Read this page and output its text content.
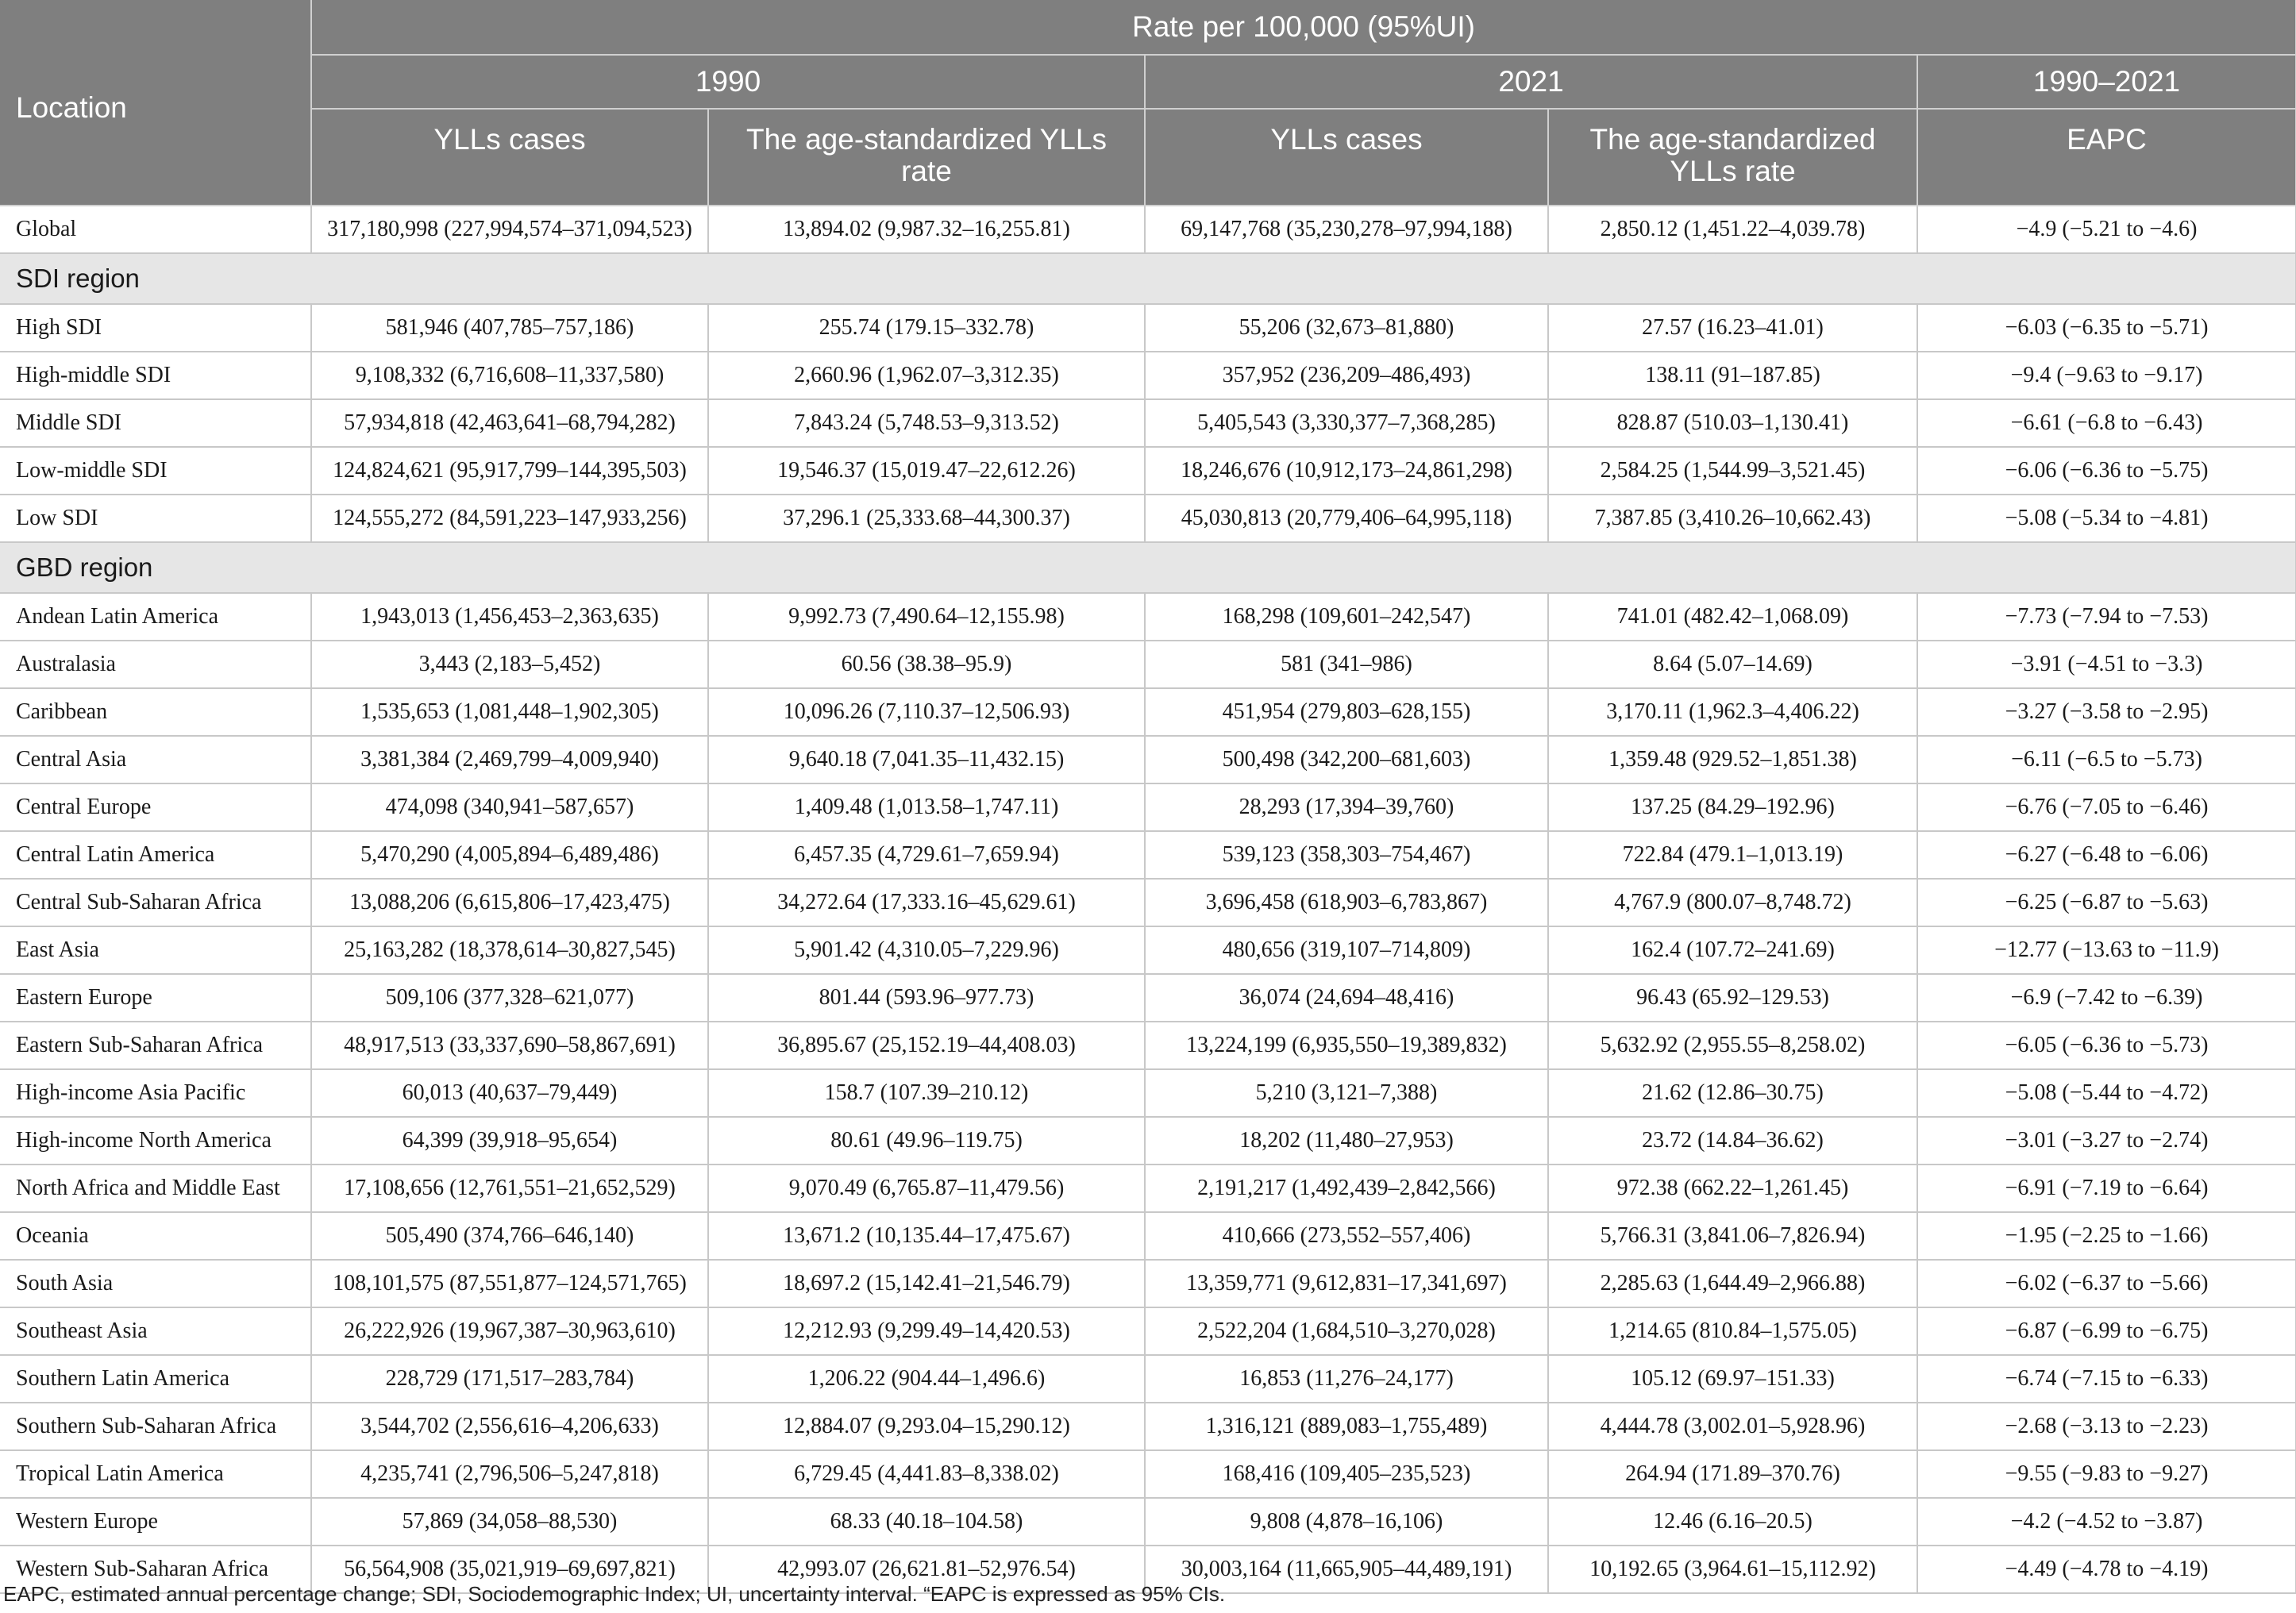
Location	Rate per 100,000 (95%UI)				
	1990		2021		1990–2021
	YLLs cases	The age-standardized YLLs rate	YLLs cases	The age-standardized YLLs rate	EAPC
Global	317,180,998 (227,994,574–371,094,523)	13,894.02 (9,987.32–16,255.81)	69,147,768 (35,230,278–97,994,188)	2,850.12 (1,451.22–4,039.78)	−4.9 (−5.21 to −4.6)
SDI region					
High SDI	581,946 (407,785–757,186)	255.74 (179.15–332.78)	55,206 (32,673–81,880)	27.57 (16.23–41.01)	−6.03 (−6.35 to −5.71)
High-middle SDI	9,108,332 (6,716,608–11,337,580)	2,660.96 (1,962.07–3,312.35)	357,952 (236,209–486,493)	138.11 (91–187.85)	−9.4 (−9.63 to −9.17)
Middle SDI	57,934,818 (42,463,641–68,794,282)	7,843.24 (5,748.53–9,313.52)	5,405,543 (3,330,377–7,368,285)	828.87 (510.03–1,130.41)	−6.61 (−6.8 to −6.43)
Low-middle SDI	124,824,621 (95,917,799–144,395,503)	19,546.37 (15,019.47–22,612.26)	18,246,676 (10,912,173–24,861,298)	2,584.25 (1,544.99–3,521.45)	−6.06 (−6.36 to −5.75)
Low SDI	124,555,272 (84,591,223–147,933,256)	37,296.1 (25,333.68–44,300.37)	45,030,813 (20,779,406–64,995,118)	7,387.85 (3,410.26–10,662.43)	−5.08 (−5.34 to −4.81)
GBD region					
Andean Latin America	1,943,013 (1,456,453–2,363,635)	9,992.73 (7,490.64–12,155.98)	168,298 (109,601–242,547)	741.01 (482.42–1,068.09)	−7.73 (−7.94 to −7.53)
Australasia	3,443 (2,183–5,452)	60.56 (38.38–95.9)	581 (341–986)	8.64 (5.07–14.69)	−3.91 (−4.51 to −3.3)
Caribbean	1,535,653 (1,081,448–1,902,305)	10,096.26 (7,110.37–12,506.93)	451,954 (279,803–628,155)	3,170.11 (1,962.3–4,406.22)	−3.27 (−3.58 to −2.95)
Central Asia	3,381,384 (2,469,799–4,009,940)	9,640.18 (7,041.35–11,432.15)	500,498 (342,200–681,603)	1,359.48 (929.52–1,851.38)	−6.11 (−6.5 to −5.73)
Central Europe	474,098 (340,941–587,657)	1,409.48 (1,013.58–1,747.11)	28,293 (17,394–39,760)	137.25 (84.29–192.96)	−6.76 (−7.05 to −6.46)
Central Latin America	5,470,290 (4,005,894–6,489,486)	6,457.35 (4,729.61–7,659.94)	539,123 (358,303–754,467)	722.84 (479.1–1,013.19)	−6.27 (−6.48 to −6.06)
Central Sub-Saharan Africa	13,088,206 (6,615,806–17,423,475)	34,272.64 (17,333.16–45,629.61)	3,696,458 (618,903–6,783,867)	4,767.9 (800.07–8,748.72)	−6.25 (−6.87 to −5.63)
East Asia	25,163,282 (18,378,614–30,827,545)	5,901.42 (4,310.05–7,229.96)	480,656 (319,107–714,809)	162.4 (107.72–241.69)	−12.77 (−13.63 to −11.9)
Eastern Europe	509,106 (377,328–621,077)	801.44 (593.96–977.73)	36,074 (24,694–48,416)	96.43 (65.92–129.53)	−6.9 (−7.42 to −6.39)
Eastern Sub-Saharan Africa	48,917,513 (33,337,690–58,867,691)	36,895.67 (25,152.19–44,408.03)	13,224,199 (6,935,550–19,389,832)	5,632.92 (2,955.55–8,258.02)	−6.05 (−6.36 to −5.73)
High-income Asia Pacific	60,013 (40,637–79,449)	158.7 (107.39–210.12)	5,210 (3,121–7,388)	21.62 (12.86–30.75)	−5.08 (−5.44 to −4.72)
High-income North America	64,399 (39,918–95,654)	80.61 (49.96–119.75)	18,202 (11,480–27,953)	23.72 (14.84–36.62)	−3.01 (−3.27 to −2.74)
North Africa and Middle East	17,108,656 (12,761,551–21,652,529)	9,070.49 (6,765.87–11,479.56)	2,191,217 (1,492,439–2,842,566)	972.38 (662.22–1,261.45)	−6.91 (−7.19 to −6.64)
Oceania	505,490 (374,766–646,140)	13,671.2 (10,135.44–17,475.67)	410,666 (273,552–557,406)	5,766.31 (3,841.06–7,826.94)	−1.95 (−2.25 to −1.66)
South Asia	108,101,575 (87,551,877–124,571,765)	18,697.2 (15,142.41–21,546.79)	13,359,771 (9,612,831–17,341,697)	2,285.63 (1,644.49–2,966.88)	−6.02 (−6.37 to −5.66)
Southeast Asia	26,222,926 (19,967,387–30,963,610)	12,212.93 (9,299.49–14,420.53)	2,522,204 (1,684,510–3,270,028)	1,214.65 (810.84–1,575.05)	−6.87 (−6.99 to −6.75)
Southern Latin America	228,729 (171,517–283,784)	1,206.22 (904.44–1,496.6)	16,853 (11,276–24,177)	105.12 (69.97–151.33)	−6.74 (−7.15 to −6.33)
Southern Sub-Saharan Africa	3,544,702 (2,556,616–4,206,633)	12,884.07 (9,293.04–15,290.12)	1,316,121 (889,083–1,755,489)	4,444.78 (3,002.01–5,928.96)	−2.68 (−3.13 to −2.23)
Tropical Latin America	4,235,741 (2,796,506–5,247,818)	6,729.45 (4,441.83–8,338.02)	168,416 (109,405–235,523)	264.94 (171.89–370.76)	−9.55 (−9.83 to −9.27)
Western Europe	57,869 (34,058–88,530)	68.33 (40.18–104.58)	9,808 (4,878–16,106)	12.46 (6.16–20.5)	−4.2 (−4.52 to −3.87)
Western Sub-Saharan Africa	56,564,908 (35,021,919–69,697,821)	42,993.07 (26,621.81–52,976.54)	30,003,164 (11,665,905–44,489,191)	10,192.65 (3,964.61–15,112.92)	−4.49 (−4.78 to −4.19)
EAPC, estimated annual percentage change; SDI, Sociodemographic Index; UI, uncertainty interval. “EAPC is expressed as 95% CIs.
